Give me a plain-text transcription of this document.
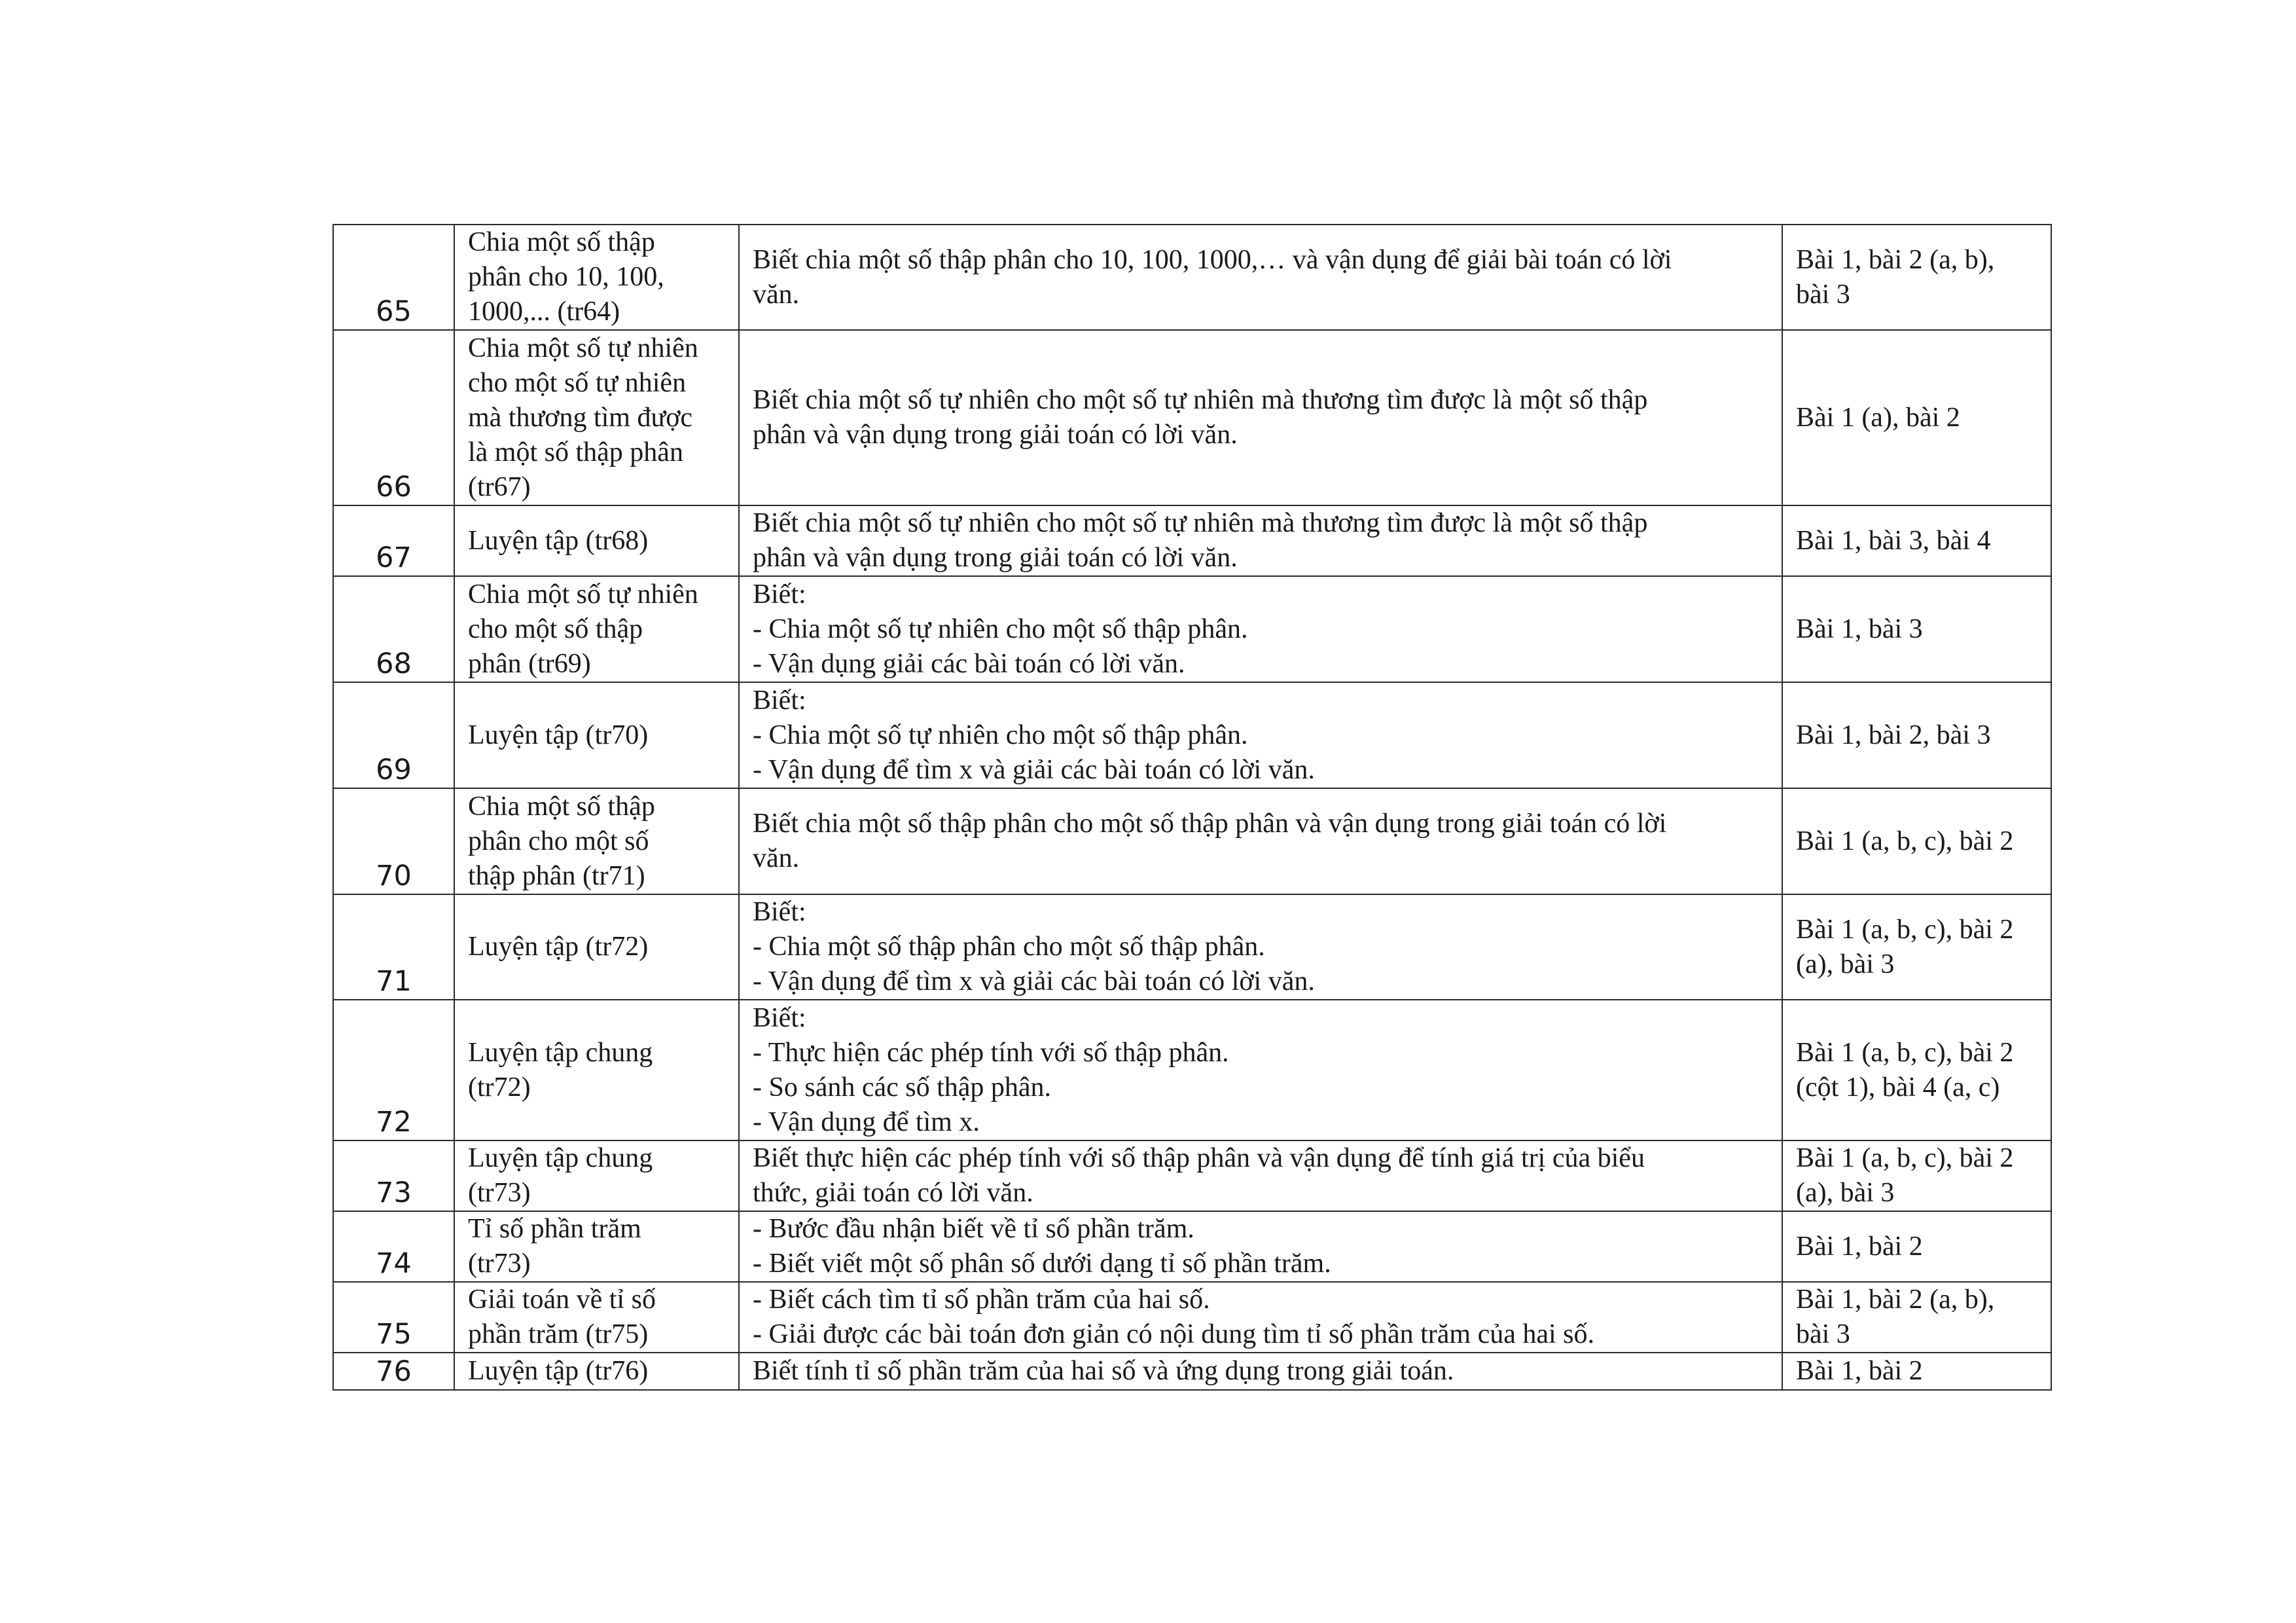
65	Chia một số thập
phân cho 10, 100,
1000,... (tr64)	Biết chia một số thập phân cho 10, 100, 1000,… và vận dụng để giải bài toán có lời
văn.	Bài 1, bài 2 (a, b),
bài 3

66	Chia một số tự nhiên
cho một số tự nhiên
mà thương tìm được
là một số thập phân
(tr67)	Biết chia một số tự nhiên cho một số tự nhiên mà thương tìm được là một số thập
phân và vận dụng trong giải toán có lời văn.	Bài 1 (a), bài 2

67	Luyện tập (tr68)	Biết chia một số tự nhiên cho một số tự nhiên mà thương tìm được là một số thập
phân và vận dụng trong giải toán có lời văn.	Bài 1, bài 3, bài 4

68	Chia một số tự nhiên
cho một số thập
phân (tr69)	Biết:
- Chia một số tự nhiên cho một số thập phân.
- Vận dụng giải các bài toán có lời văn.	Bài 1, bài 3

69	Luyện tập (tr70)	Biết:
- Chia một số tự nhiên cho một số thập phân.
- Vận dụng để tìm x và giải các bài toán có lời văn.	Bài 1, bài 2, bài 3

70	Chia một số thập
phân cho một số
thập phân (tr71)	Biết chia một số thập phân cho một số thập phân và vận dụng trong giải toán có lời
văn.	Bài 1 (a, b, c), bài 2

71	Luyện tập (tr72)	Biết:
- Chia một số thập phân cho một số thập phân.
- Vận dụng để tìm x và giải các bài toán có lời văn.	Bài 1 (a, b, c), bài 2
(a), bài 3

72	Luyện tập chung
(tr72)	Biết:
- Thực hiện các phép tính với số thập phân.
- So sánh các số thập phân.
- Vận dụng để tìm x.	Bài 1 (a, b, c), bài 2
(cột 1), bài 4 (a, c)

73	Luyện tập chung
(tr73)	Biết thực hiện các phép tính với số thập phân và vận dụng để tính giá trị của biểu
thức, giải toán có lời văn.	Bài 1 (a, b, c), bài 2
(a), bài 3

74	Tỉ số phần trăm
(tr73)	- Bước đầu nhận biết về tỉ số phần trăm.
- Biết viết một số phân số dưới dạng tỉ số phần trăm.	Bài 1, bài 2

75	Giải toán về tỉ số
phần trăm (tr75)	- Biết cách tìm tỉ số phần trăm của hai số.
- Giải được các bài toán đơn giản có nội dung tìm tỉ số phần trăm của hai số.	Bài 1, bài 2 (a, b),
bài 3

76	Luyện tập (tr76)	Biết tính tỉ số phần trăm của hai số và ứng dụng trong giải toán.	Bài 1, bài 2
